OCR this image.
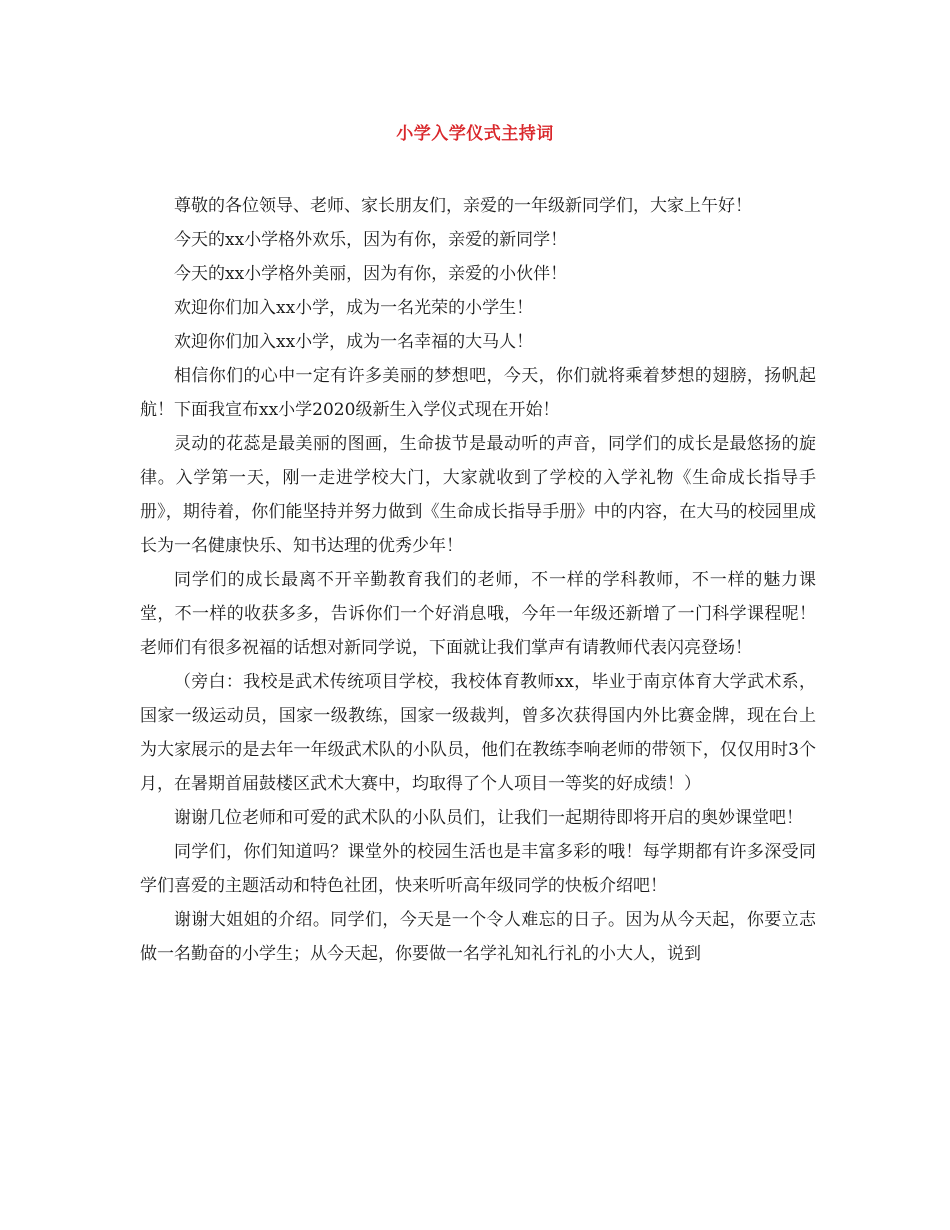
小学入学仪式主持词

尊敬的各位领导、老师、家长朋友们，亲爱的一年级新同学们，大家上午好！

今天的xx小学格外欢乐，因为有你，亲爱的新同学！

今天的xx小学格外美丽，因为有你，亲爱的小伙伴！

欢迎你们加入xx小学，成为一名光荣的小学生！

欢迎你们加入xx小学，成为一名幸福的大马人！

相信你们的心中一定有许多美丽的梦想吧，今天，你们就将乘着梦想的翅膀，扬帆起航！下面我宣布xx小学2020级新生入学仪式现在开始！

灵动的花蕊是最美丽的图画，生命拔节是最动听的声音，同学们的成长是最悠扬的旋律。入学第一天，刚一走进学校大门，大家就收到了学校的入学礼物《生命成长指导手册》，期待着，你们能坚持并努力做到《生命成长指导手册》中的内容，在大马的校园里成长为一名健康快乐、知书达理的优秀少年！

同学们的成长最离不开辛勤教育我们的老师，不一样的学科教师，不一样的魅力课堂，不一样的收获多多，告诉你们一个好消息哦，今年一年级还新增了一门科学课程呢！老师们有很多祝福的话想对新同学说，下面就让我们掌声有请教师代表闪亮登场！

（旁白：我校是武术传统项目学校，我校体育教师xx，毕业于南京体育大学武术系，国家一级运动员，国家一级教练，国家一级裁判，曾多次获得国内外比赛金牌，现在台上为大家展示的是去年一年级武术队的小队员，他们在教练李响老师的带领下，仅仅用时3个月，在暑期首届鼓楼区武术大赛中，均取得了个人项目一等奖的好成绩！）

谢谢几位老师和可爱的武术队的小队员们，让我们一起期待即将开启的奥妙课堂吧！

同学们，你们知道吗？课堂外的校园生活也是丰富多彩的哦！每学期都有许多深受同学们喜爱的主题活动和特色社团，快来听听高年级同学的快板介绍吧！

谢谢大姐姐的介绍。同学们，今天是一个令人难忘的日子。因为从今天起，你要立志做一名勤奋的小学生；从今天起，你要做一名学礼知礼行礼的小大人，说到
